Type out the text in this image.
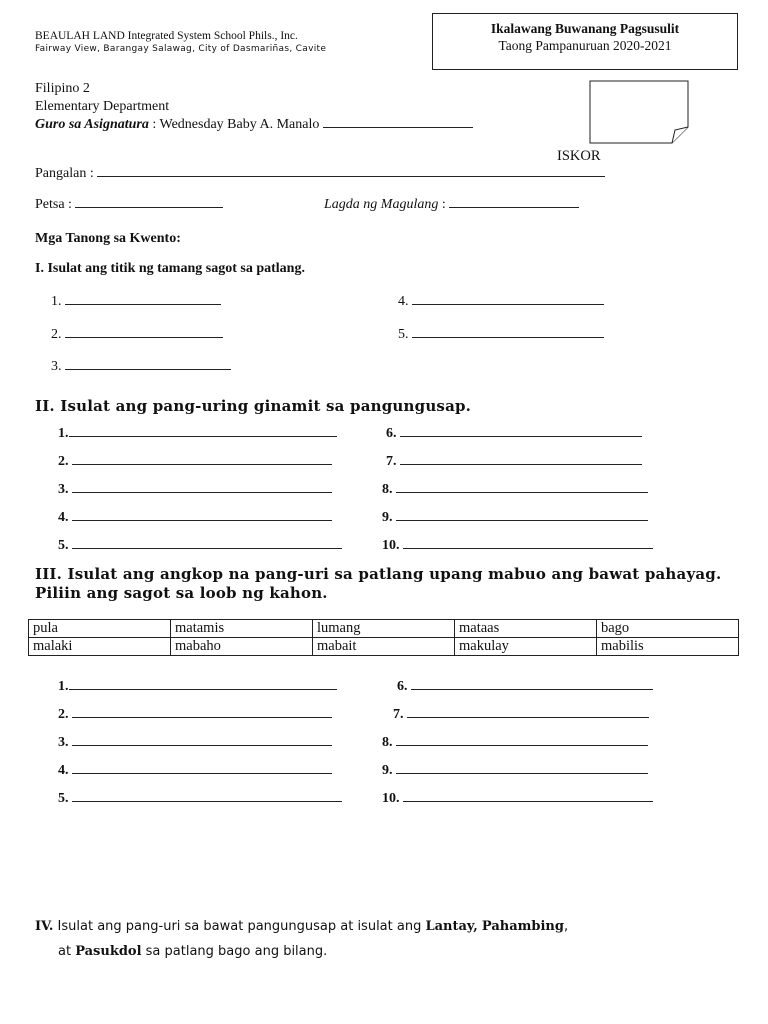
BEAULAH LAND Integrated System School Phils., Inc.
Fairway View, Barangay Salawag, City of Dasmariñas, Cavite
Ikalawang Buwanang Pagsusulit
Taong Pampanuruan 2020-2021
Filipino 2
Elementary Department
Guro sa Asignatura : Wednesday Baby A. Manalo
ISKOR
Pangalan :
Petsa :	Lagda ng Magulang :
Mga Tanong sa Kwento:
I. Isulat ang titik ng tamang sagot sa patlang.
1.
2.
3.
4.
5.
II. Isulat ang pang-uring ginamit sa pangungusap.
1.
2.
3.
4.
5.
6.
7.
8.
9.
10.
III. Isulat ang angkop na pang-uri sa patlang upang mabuo ang bawat pahayag.
Piliin ang sagot sa loob ng kahon.
pula	matamis	lumang	mataas	bago
malaki	mabaho	mabait	makulay	mabilis
1.
2.
3.
4.
5.
6.
7.
8.
9.
10.
IV. Isulat ang pang-uri sa bawat pangungusap at isulat ang Lantay, Pahambing,
at Pasukdol sa patlang bago ang bilang.
